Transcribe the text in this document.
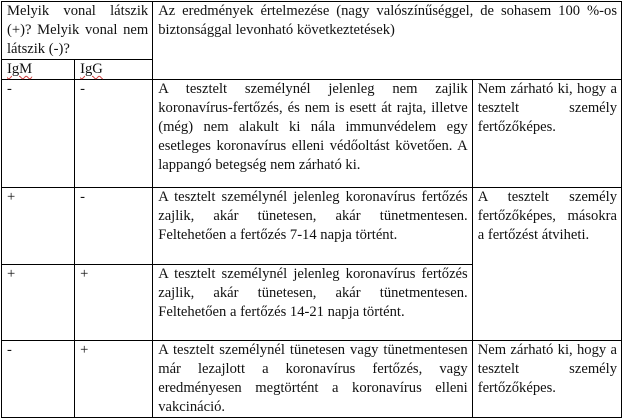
Melyik vonal látszik (+)? Melyik vonal nem látszik (-)?		Az eredmények értelmezése (nagy valószínűséggel, de sohasem 100 %-os biztonsággal levonható következtetések)	
IgM	IgG		
-	-	A tesztelt személynél jelenleg nem zajlik koronavírus-fertőzés, és nem is esett át rajta, illetve (még) nem alakult ki nála immunvédelem egy esetleges koronavírus elleni védőoltást követően. A lappangó betegség nem zárható ki.	Nem zárható ki, hogy a tesztelt személy fertőzőképes.
+	-	A tesztelt személynél jelenleg koronavírus fertőzés zajlik, akár tünetesen, akár tünetmentesen. Feltehetően a fertőzés 7-14 napja történt.	A tesztelt személy fertőzőképes, másokra a fertőzést átviheti.
+	+	A tesztelt személynél jelenleg koronavírus fertőzés zajlik, akár tünetesen, akár tünetmentesen. Feltehetően a fertőzés 14-21 napja történt.	
-	+	A tesztelt személynél tünetesen vagy tünetmentesen már lezajlott a koronavírus fertőzés, vagy eredményesen megtörtént a koronavírus elleni vakcináció.	Nem zárható ki, hogy a tesztelt személy fertőzőképes.
